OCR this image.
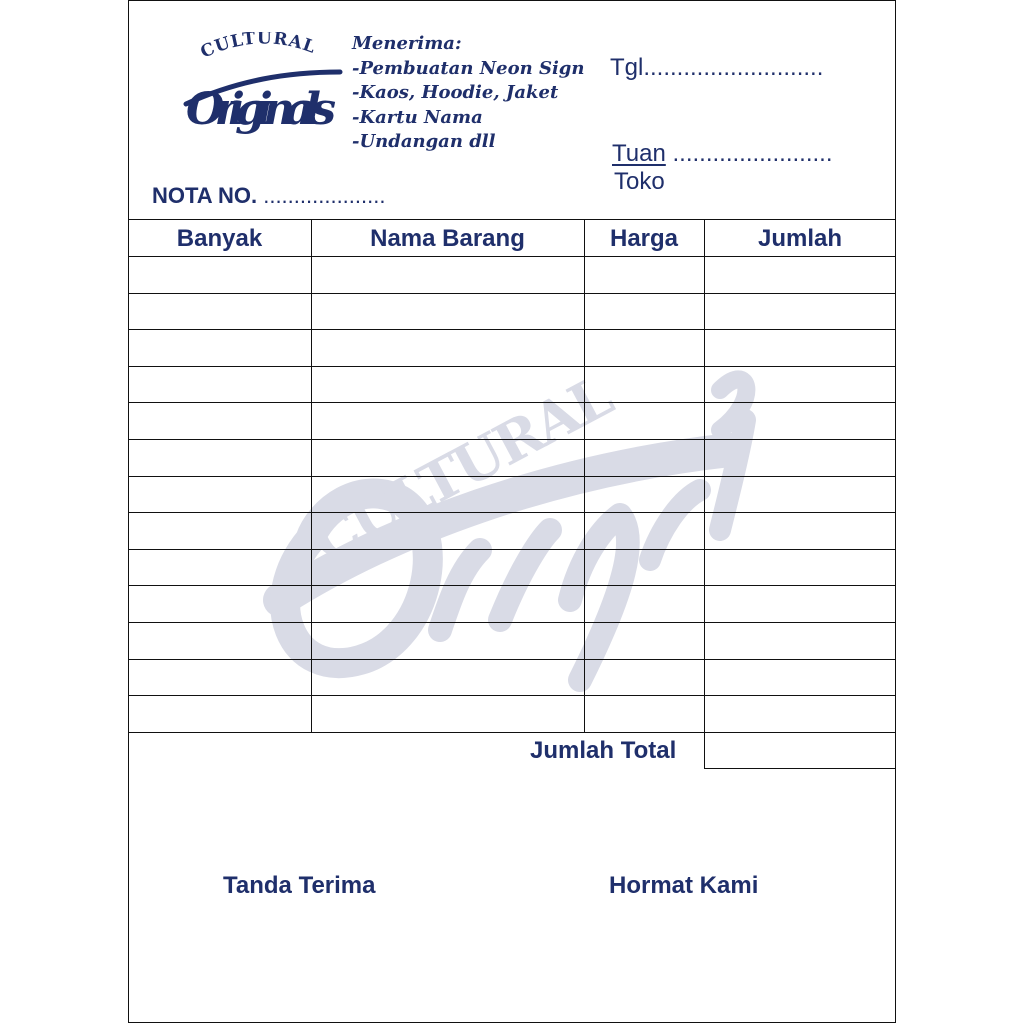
CULTURAL
CULTURAL
Originals
Menerima:
-Pembuatan Neon Sign
-Kaos, Hoodie, Jaket
-Kartu Nama
-Undangan dll
Tgl...........................
Tuan ........................
Toko
NOTA NO. ....................
Banyak	Nama Barang	Harga	Jumlah
Jumlah Total
Tanda Terima	Hormat Kami
